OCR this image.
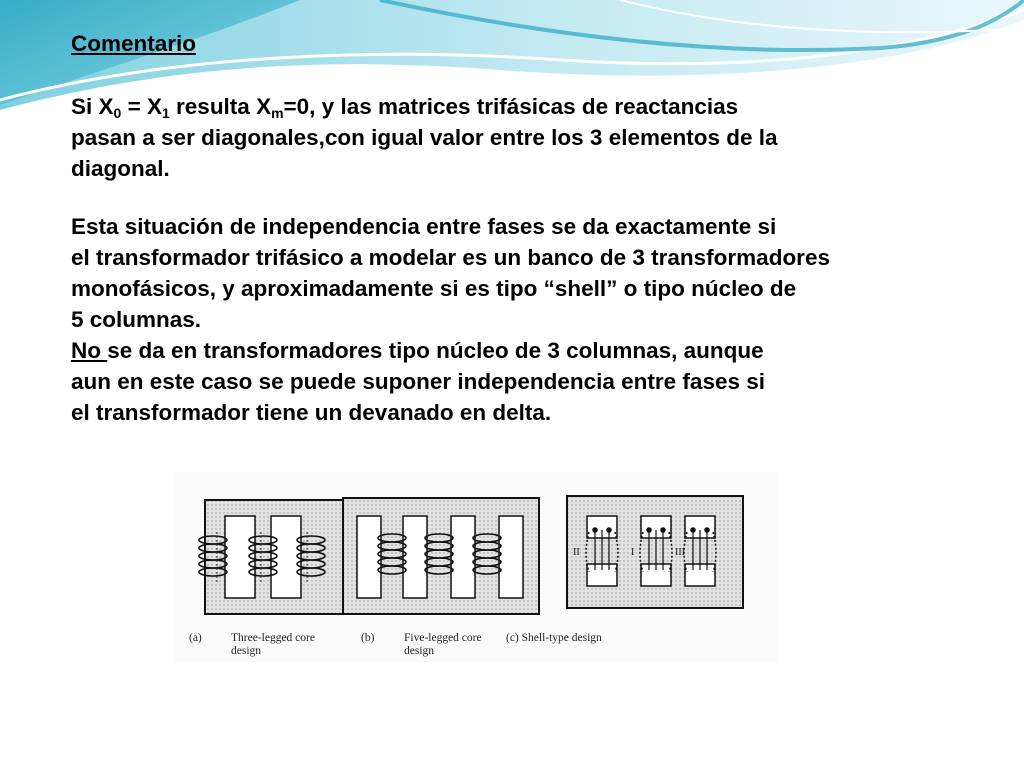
Comentario
Si $X_0 = X_1$ resulta $X_m=0$, y las matrices trifásicas de reactancias
pasan a ser diagonales,con igual valor entre los 3 elementos de la
diagonal.
Esta situación de independencia entre fases se da exactamente si
el transformador trifásico a modelar es un banco de 3 transformadores
monofásicos, y aproximadamente si es tipo “shell” o tipo núcleo de
5 columnas.
No se da en transformadores tipo núcleo de 3 columnas, aunque
aun en este caso se puede suponer independencia entre fases si
el transformador tiene un devanado en delta.
II	I	III
(a)	Three-legged core
design
(b)	Five-legged core
design
(c) Shell-type design
